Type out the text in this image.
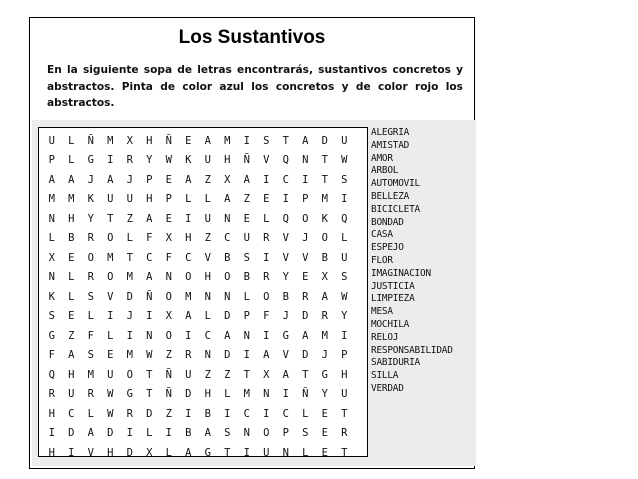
Los Sustantivos

En la siguiente sopa de letras encontrarás, sustantivos concretos y abstractos. Pinta de color azul los concretos y de color rojo los abstractos.

U	L	Ñ	M	X	H	Ñ	E	A	M	I	S	T	A	D	U
P	L	G	I	R	Y	W	K	U	H	Ñ	V	Q	N	T	W
A	A	J	A	J	P	E	A	Z	X	A	I	C	I	T	S
M	M	K	U	U	H	P	L	L	A	Z	E	I	P	M	I
N	H	Y	T	Z	A	E	I	U	N	E	L	Q	O	K	Q
L	B	R	O	L	F	X	H	Z	C	U	R	V	J	O	L
X	E	O	M	T	C	F	C	V	B	S	I	V	V	B	U
N	L	R	O	M	A	N	O	H	O	B	R	Y	E	X	S
K	L	S	V	D	Ñ	O	M	N	N	L	O	B	R	A	W
S	E	L	I	J	I	X	A	L	D	P	F	J	D	R	Y
G	Z	F	L	I	N	O	I	C	A	N	I	G	A	M	I
F	A	S	E	M	W	Z	R	N	D	I	A	V	D	J	P
Q	H	M	U	O	T	Ñ	U	Z	Z	T	X	A	T	G	H
R	U	R	W	G	T	Ñ	D	H	L	M	N	I	Ñ	Y	U
H	C	L	W	R	D	Z	I	B	I	C	I	C	L	E	T
I	D	A	D	I	L	I	B	A	S	N	O	P	S	E	R
H	I	V	H	D	X	L	A	G	T	I	U	N	L	E	T
ALEGRIA
AMISTAD
AMOR
ARBOL
AUTOMOVIL
BELLEZA
BICICLETA
BONDAD
CASA
ESPEJO
FLOR
IMAGINACION
JUSTICIA
LIMPIEZA
MESA
MOCHILA
RELOJ
RESPONSABILIDAD
SABIDURIA
SILLA
VERDAD
